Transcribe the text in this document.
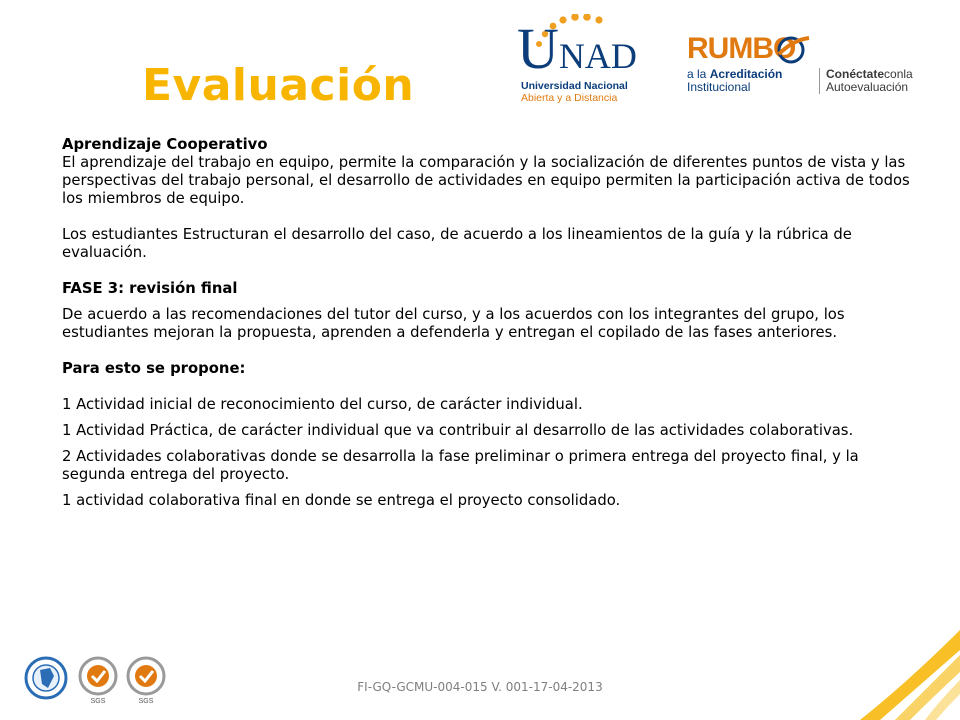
Evaluación
UNAD
Universidad Nacional
Abierta y a Distancia
RUMBO
a la Acreditación
Institucional
Conéctateconla
Autoevaluación

Aprendizaje Cooperativo

El aprendizaje del trabajo en equipo, permite la comparación y la socialización de diferentes puntos de vista y las perspectivas del trabajo personal, el desarrollo de actividades en equipo permiten la participación activa de todos los miembros de equipo.

Los estudiantes Estructuran el desarrollo del caso, de acuerdo a los lineamientos de la guía y la rúbrica de evaluación.

FASE 3: revisión final

De acuerdo a las recomendaciones del tutor del curso, y a los acuerdos con los integrantes del grupo, los estudiantes mejoran la propuesta, aprenden a defenderla y entregan el copilado de las fases anteriores.

Para esto se propone:

1 Actividad inicial de reconocimiento del curso, de carácter individual.

1 Actividad Práctica, de carácter individual que va contribuir al desarrollo de las actividades colaborativas.

2 Actividades colaborativas donde se desarrolla la fase preliminar o primera entrega del proyecto final, y la segunda entrega del proyecto.

1 actividad colaborativa final en donde se entrega el proyecto consolidado.

SGS	SGS
FI-GQ-GCMU-004-015 V. 001-17-04-2013
